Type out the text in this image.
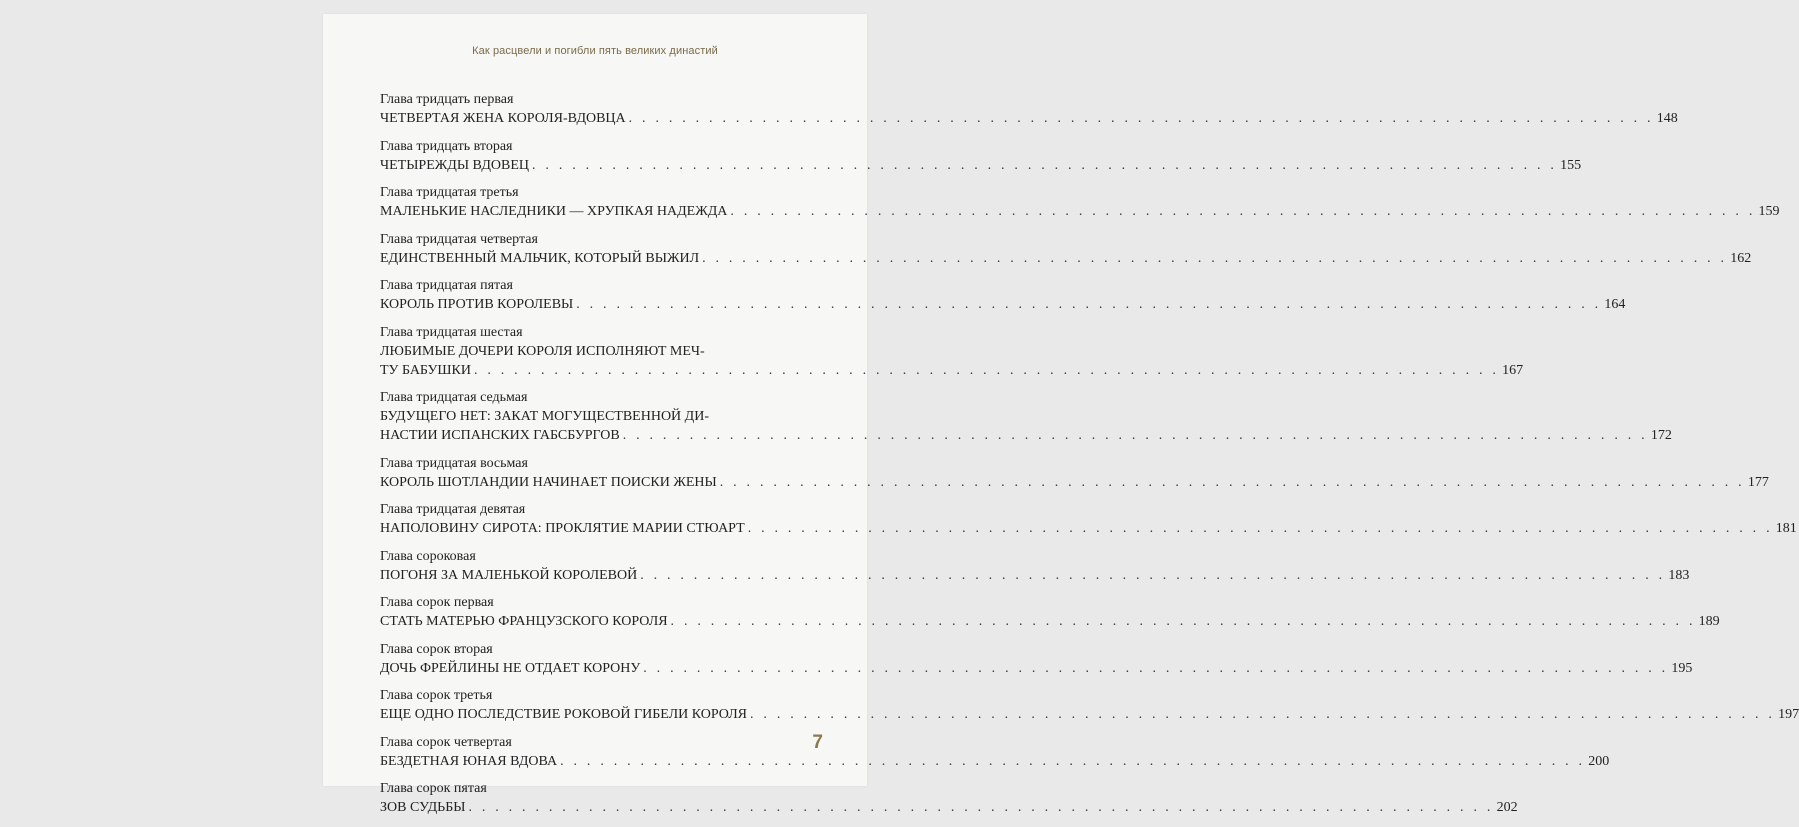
Как расцвели и погибли пять великих династий
Глава тридцать первая
ЧЕТВЕРТАЯ ЖЕНА КОРОЛЯ-ВДОВЦА . . .	148
Глава тридцать вторая
ЧЕТЫРЕЖДЫ ВДОВЕЦ . . .	155
Глава тридцатая третья
МАЛЕНЬКИЕ НАСЛЕДНИКИ — ХРУПКАЯ НАДЕЖДА . . .	159
Глава тридцатая четвертая
ЕДИНСТВЕННЫЙ МАЛЬЧИК, КОТОРЫЙ ВЫЖИЛ . . .	162
Глава тридцатая пятая
КОРОЛЬ ПРОТИВ КОРОЛЕВЫ . . .	164
Глава тридцатая шестая
ЛЮБИМЫЕ ДОЧЕРИ КОРОЛЯ ИСПОЛНЯЮТ МЕЧ-
ТУ БАБУШКИ . . .	167
Глава тридцатая седьмая
БУДУЩЕГО НЕТ: ЗАКАТ МОГУЩЕСТВЕННОЙ ДИ-
НАСТИИ ИСПАНСКИХ ГАБСБУРГОВ . . .	172
Глава тридцатая восьмая
КОРОЛЬ ШОТЛАНДИИ НАЧИНАЕТ ПОИСКИ ЖЕНЫ . . .	177
Глава тридцатая девятая
НАПОЛОВИНУ СИРОТА: ПРОКЛЯТИЕ МАРИИ СТЮАРТ . . .	181
Глава сороковая
ПОГОНЯ ЗА МАЛЕНЬКОЙ КОРОЛЕВОЙ . . .	183
Глава сорок первая
СТАТЬ МАТЕРЬЮ ФРАНЦУЗСКОГО КОРОЛЯ . . .	189
Глава сорок вторая
ДОЧЬ ФРЕЙЛИНЫ НЕ ОТДАЕТ КОРОНУ . . .	195
Глава сорок третья
ЕЩЕ ОДНО ПОСЛЕДСТВИЕ РОКОВОЙ ГИБЕЛИ КОРОЛЯ . . .	197
Глава сорок четвертая
БЕЗДЕТНАЯ ЮНАЯ ВДОВА . . .	200
Глава сорок пятая
ЗОВ СУДЬБЫ . . .	202
7
